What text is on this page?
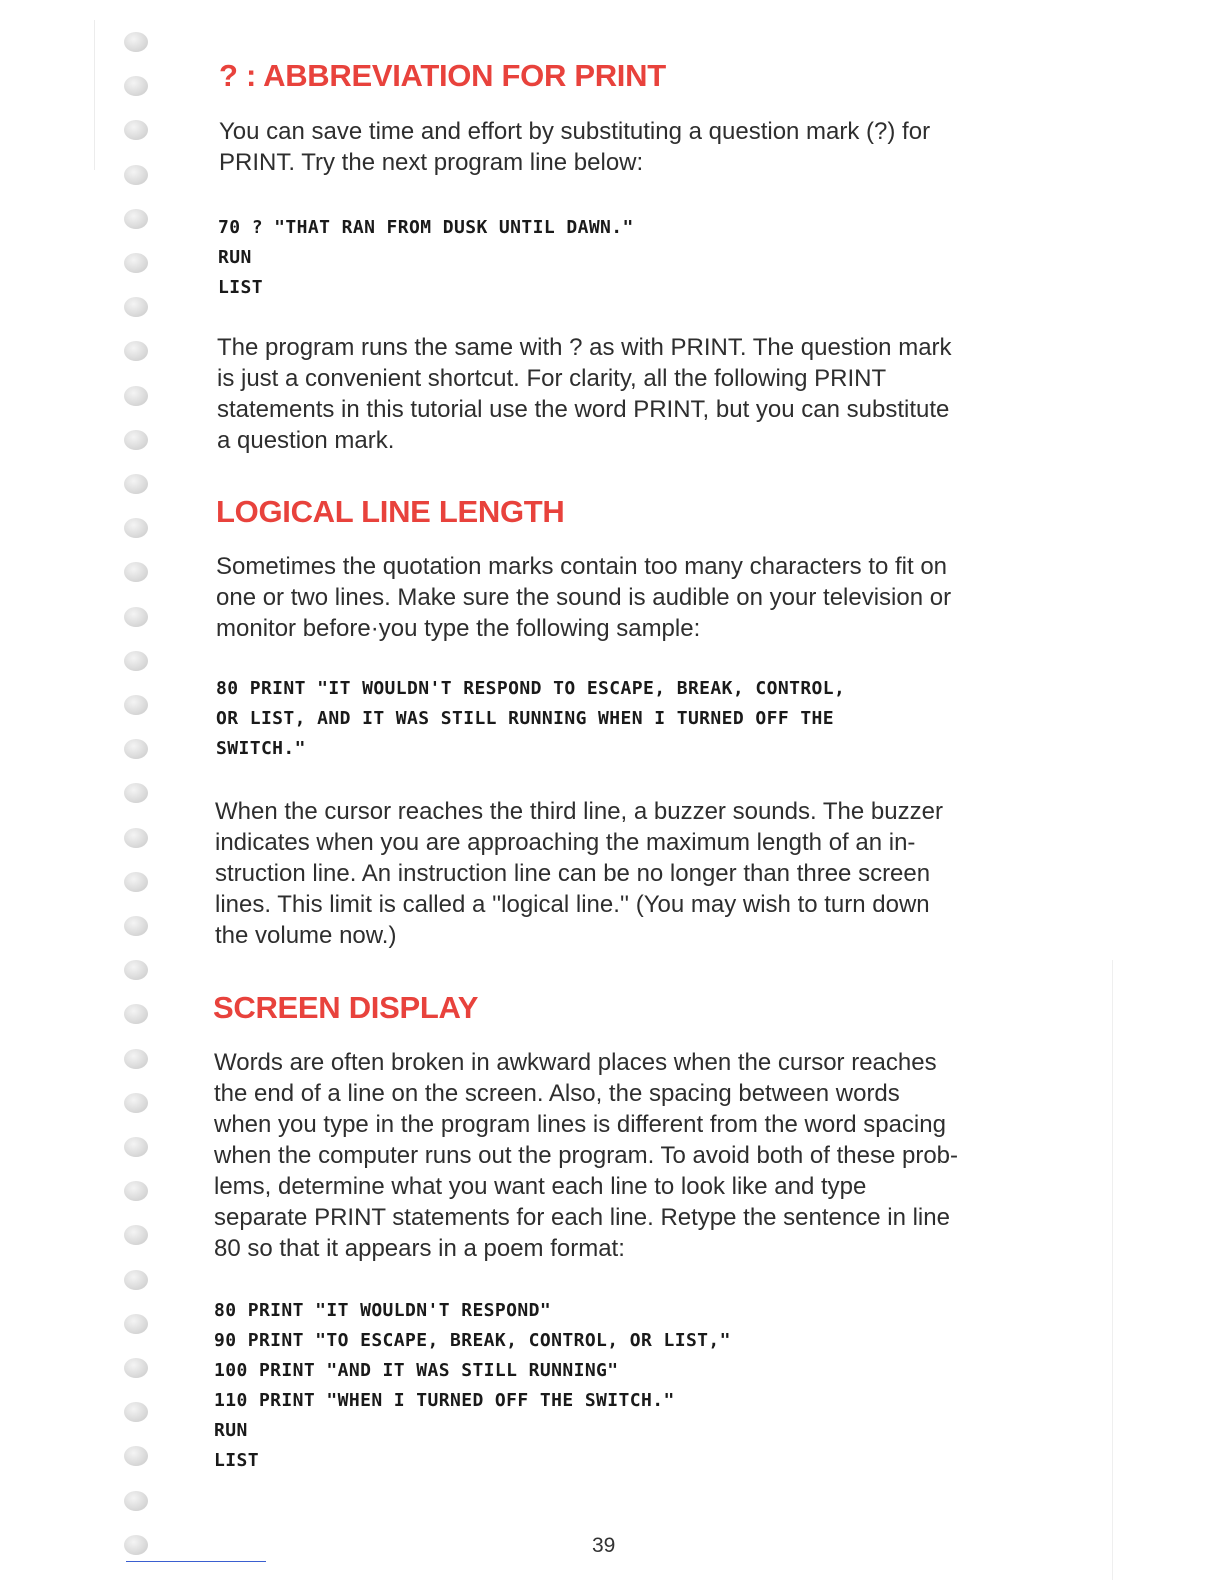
? : ABBREVIATION FOR PRINT

You can save time and effort by substituting a question mark (?) for
PRINT. Try the next program line below:

70 ? "THAT RAN FROM DUSK UNTIL DAWN."
RUN
LIST

The program runs the same with ? as with PRINT. The question mark
is just a convenient shortcut. For clarity, all the following PRINT
statements in this tutorial use the word PRINT, but you can substitute
a question mark.

LOGICAL LINE LENGTH

Sometimes the quotation marks contain too many characters to fit on
one or two lines. Make sure the sound is audible on your television or
monitor before·you type the following sample:

80 PRINT "IT WOULDN'T RESPOND TO ESCAPE, BREAK, CONTROL,
OR LIST, AND IT WAS STILL RUNNING WHEN I TURNED OFF THE
SWITCH."

When the cursor reaches the third line, a buzzer sounds. The buzzer
indicates when you are approaching the maximum length of an in-
struction line. An instruction line can be no longer than three screen
lines. This limit is called a ''logical line.'' (You may wish to turn down
the volume now.)

SCREEN DISPLAY

Words are often broken in awkward places when the cursor reaches
the end of a line on the screen. Also, the spacing between words
when you type in the program lines is different from the word spacing
when the computer runs out the program. To avoid both of these prob-
lems, determine what you want each line to look like and type
separate PRINT statements for each line. Retype the sentence in line
80 so that it appears in a poem format:

80 PRINT "IT WOULDN'T RESPOND"
90 PRINT "TO ESCAPE, BREAK, CONTROL, OR LIST,"
100 PRINT "AND IT WAS STILL RUNNING"
110 PRINT "WHEN I TURNED OFF THE SWITCH."
RUN
LIST
39
